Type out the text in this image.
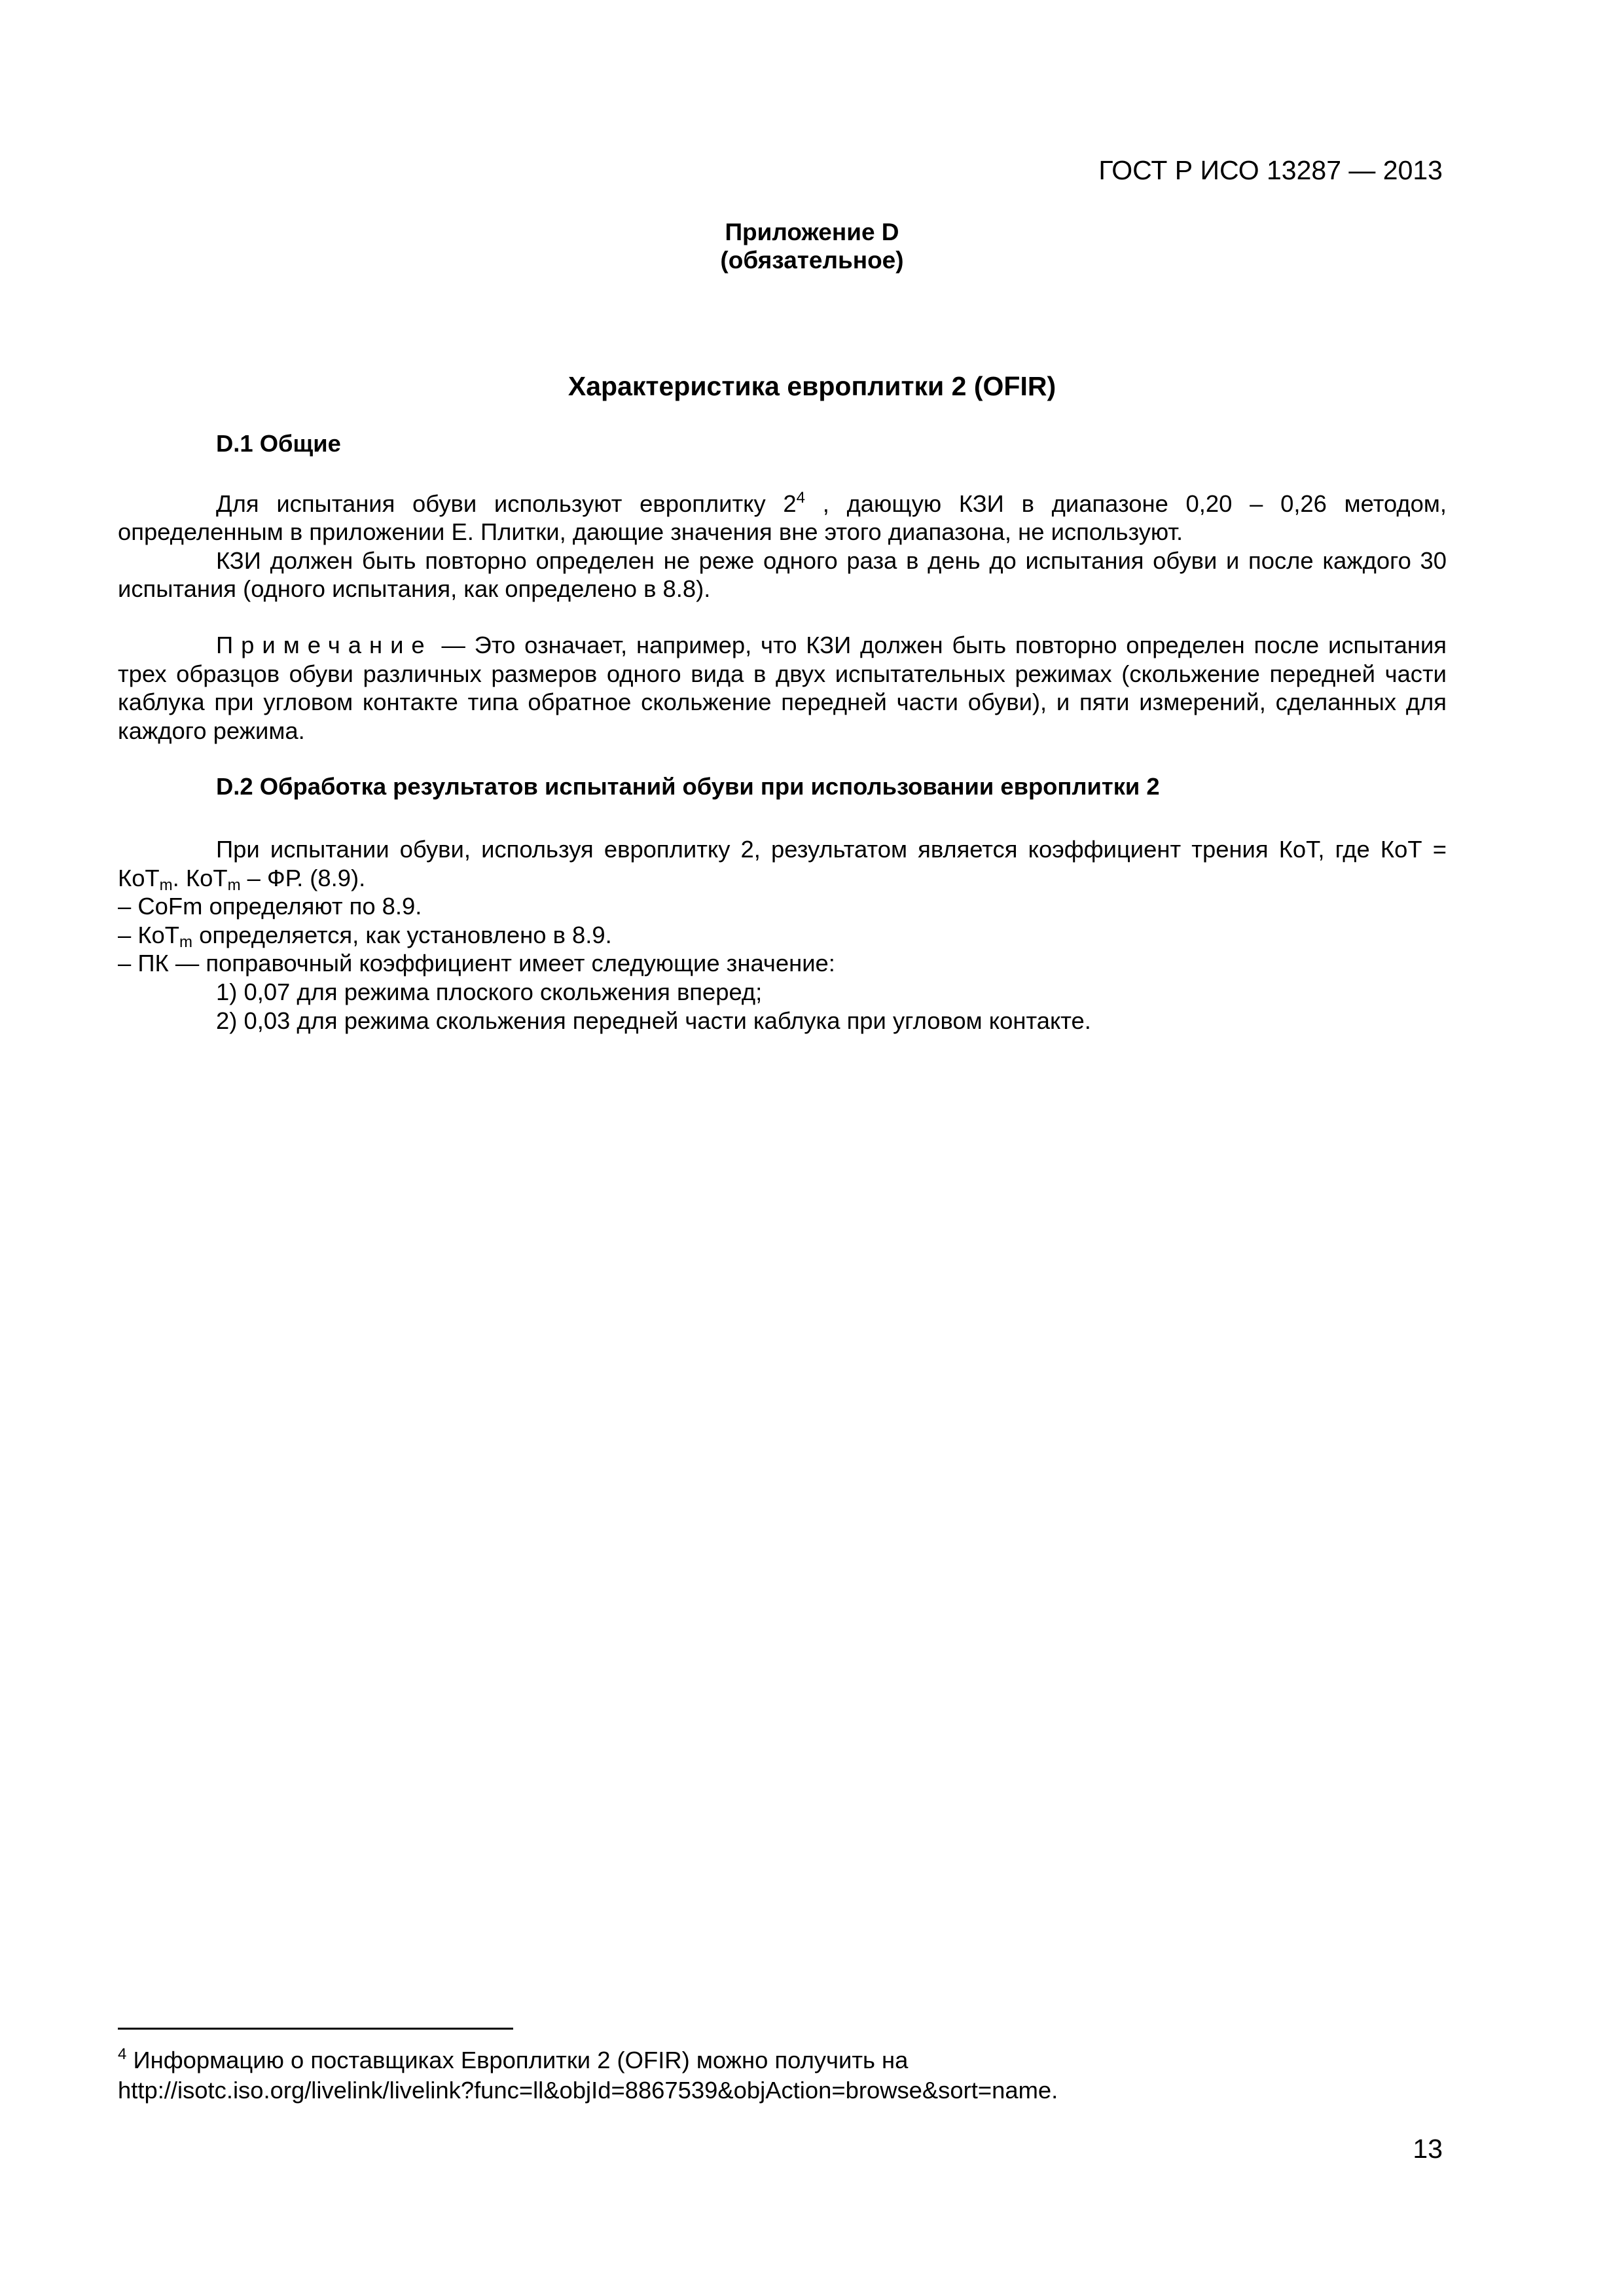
ГОСТ Р ИСО 13287 — 2013
Приложение D
(обязательное)
Характеристика европлитки 2 (OFIR)
D.1 Общие

Для испытания обуви используют европлитку $2^4$ , дающую КЗИ в диапазоне 0,20 – 0,26 методом, определенным в приложении Е. Плитки, дающие значения вне этого диапазона, не используют.

КЗИ должен быть повторно определен не реже одного раза в день до испытания обуви и после каждого 30 испытания (одного испытания, как определено в 8.8).

Примечание — Это означает, например, что КЗИ должен быть повторно определен после испытания трех образцов обуви различных размеров одного вида в двух испытательных режимах (скольжение передней части каблука при угловом контакте типа обратное скольжение передней части обуви), и пяти измерений, сделанных для каждого режима.

D.2 Обработка результатов испытаний обуви при использовании европлитки 2

При испытании обуви, используя европлитку 2, результатом является коэффициент трения КоТ, где КоТ = КоТ$_m$. КоТ$_m$ – ФР. (8.9).

– CoFm определяют по 8.9.

– КоТ$_m$ определяется, как установлено в 8.9.

– ПК — поправочный коэффициент имеет следующие значение:

1) 0,07 для режима плоского скольжения вперед;

2) 0,03 для режима скольжения передней части каблука при угловом контакте.

$^4$ Информацию о поставщиках Европлитки 2 (OFIR) можно получить на
http://isotc.iso.org/livelink/livelink?func=ll&objId=8867539&objAction=browse&sort=name.
13
